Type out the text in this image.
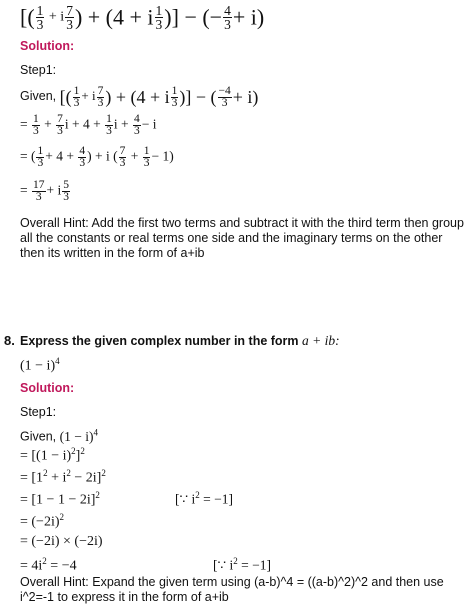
[( $\frac{1}{3} + i \frac{7}{3}$ ) + (4 + i $\frac{1}{3}$ )] − (− $\frac{4}{3} + i$)
Solution:
Step1:
Given, [( $\frac{1}{3} + i \frac{7}{3}$ ) + (4 + i $\frac{1}{3}$ )] − ( $\frac{-4}{3} + i$)
= $\frac{1}{3} + \frac{7}{3}$ $i + 4 + \frac{1}{3}$ $i + \frac{4}{3} - i$
= ( $\frac{1}{3} + 4 + \frac{4}{3}$ ) + i ( $\frac{7}{3} + \frac{1}{3} - 1$)
= $\frac{17}{3} + i \frac{5}{3}$
Overall Hint: Add the first two terms and subtract it with the third term then group all the constants or real terms one side and the imaginary terms on the other then its written in the form of a+ib
8. Express the given complex number in the form a + ib:
$(1 - i)^4$
Solution:
Step1:
Given, $(1 - i)^4$
= $[(1 - i)^2]^2$
= $[1^2 + i^2 - 2i]^2$
= $[1 - 1 - 2i]^2$	[∵ $i^2 = -1$]
= $(-2i)^2$
= (−2i) × (−2i)
= $4i^2 = -4$	[∵ $i^2 = -1$]
Overall Hint: Expand the given term using (a-b)^4 = ((a-b)^2)^2 and then use i^2=-1 to express it in the form of a+ib
